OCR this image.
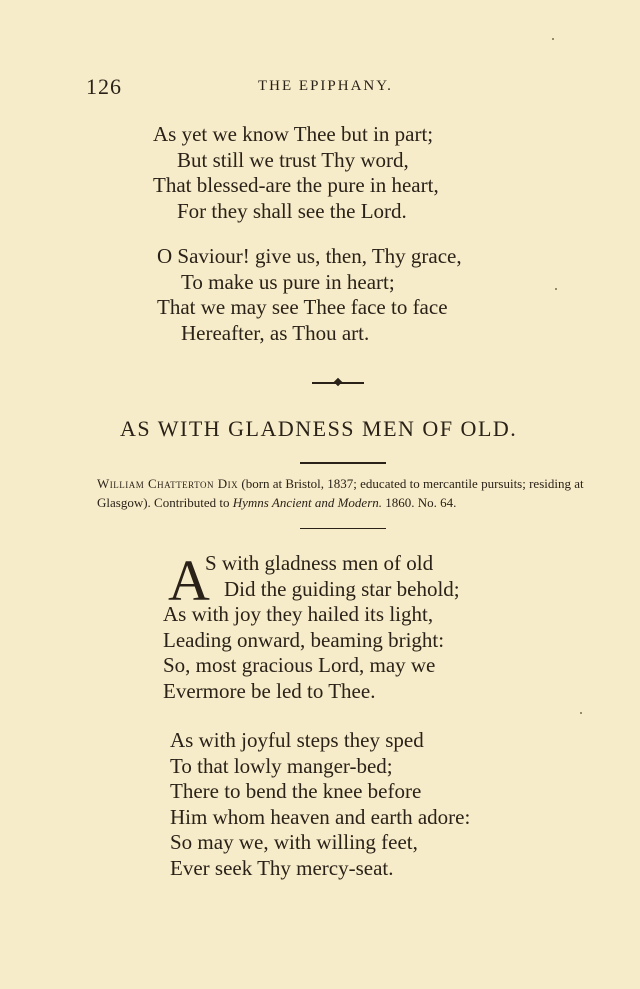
126	THE EPIPHANY.
As yet we know Thee but in part;
But still we trust Thy word,
That blessed-are the pure in heart,
For they shall see the Lord.
O Saviour! give us, then, Thy grace,
To make us pure in heart;
That we may see Thee face to face
Hereafter, as Thou art.
AS WITH GLADNESS MEN OF OLD.
William Chatterton Dix (born at Bristol, 1837; educated to mercantile pursuits; residing at Glasgow). Contributed to Hymns Ancient and Modern. 1860. No. 64.
A
S with gladness men of old
Did the guiding star behold;
As with joy they hailed its light,
Leading onward, beaming bright:
So, most gracious Lord, may we
Evermore be led to Thee.
As with joyful steps they sped
To that lowly manger-bed;
There to bend the knee before
Him whom heaven and earth adore:
So may we, with willing feet,
Ever seek Thy mercy-seat.
